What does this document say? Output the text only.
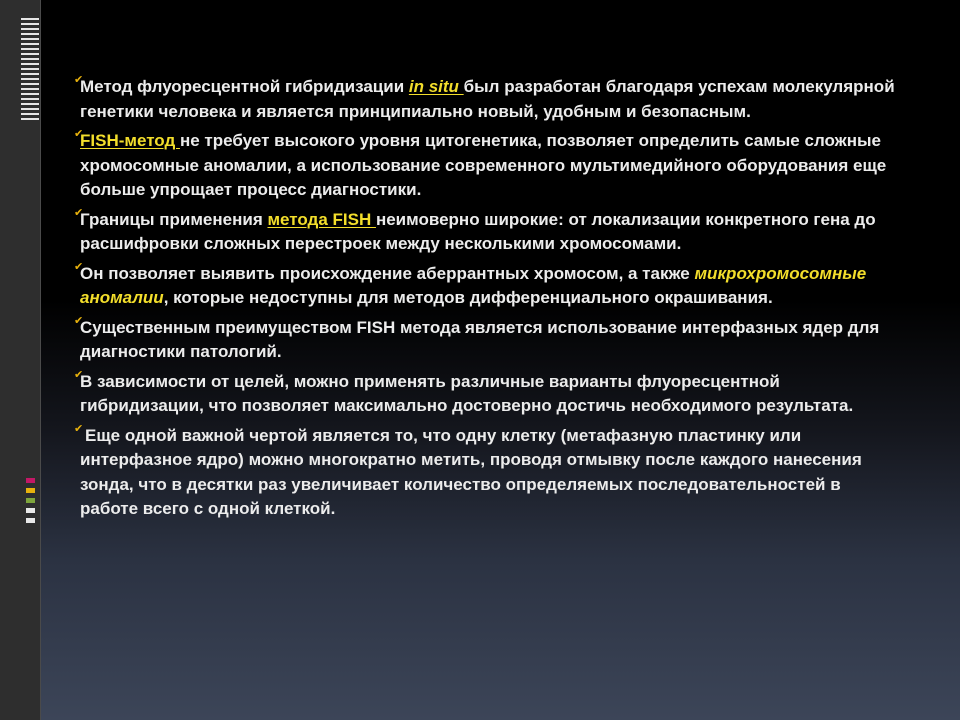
✔
Метод флуоресцентной гибридизации in situ был разработан благодаря успехам молекулярной генетики человека и является принципиально новый, удобным и безопасным.
✔
FISH-метод не требует высокого уровня цитогенетика, позволяет определить самые сложные хромосомные аномалии, а использование современного мультимедийного оборудования еще больше упрощает процесс диагностики.
✔
Границы применения метода FISH неимоверно широкие: от локализации конкретного гена до расшифровки сложных перестроек между несколькими хромосомами.
✔
Он позволяет выявить происхождение аберрантных хромосом, а также микрохромосомные аномалии, которые недоступны для методов дифференциального окрашивания.
✔
Существенным преимуществом FISH метода является использование интерфазных ядер для диагностики патологий.
✔
В зависимости от целей, можно применять различные варианты флуоресцентной гибридизации, что позволяет максимально достоверно достичь необходимого результата.
✔ Еще одной важной чертой является то, что одну клетку (метафазную пластинку или интерфазное ядро) можно многократно метить, проводя отмывку после каждого нанесения зонда, что в десятки раз увеличивает количество определяемых последовательностей в работе всего с одной клеткой.
